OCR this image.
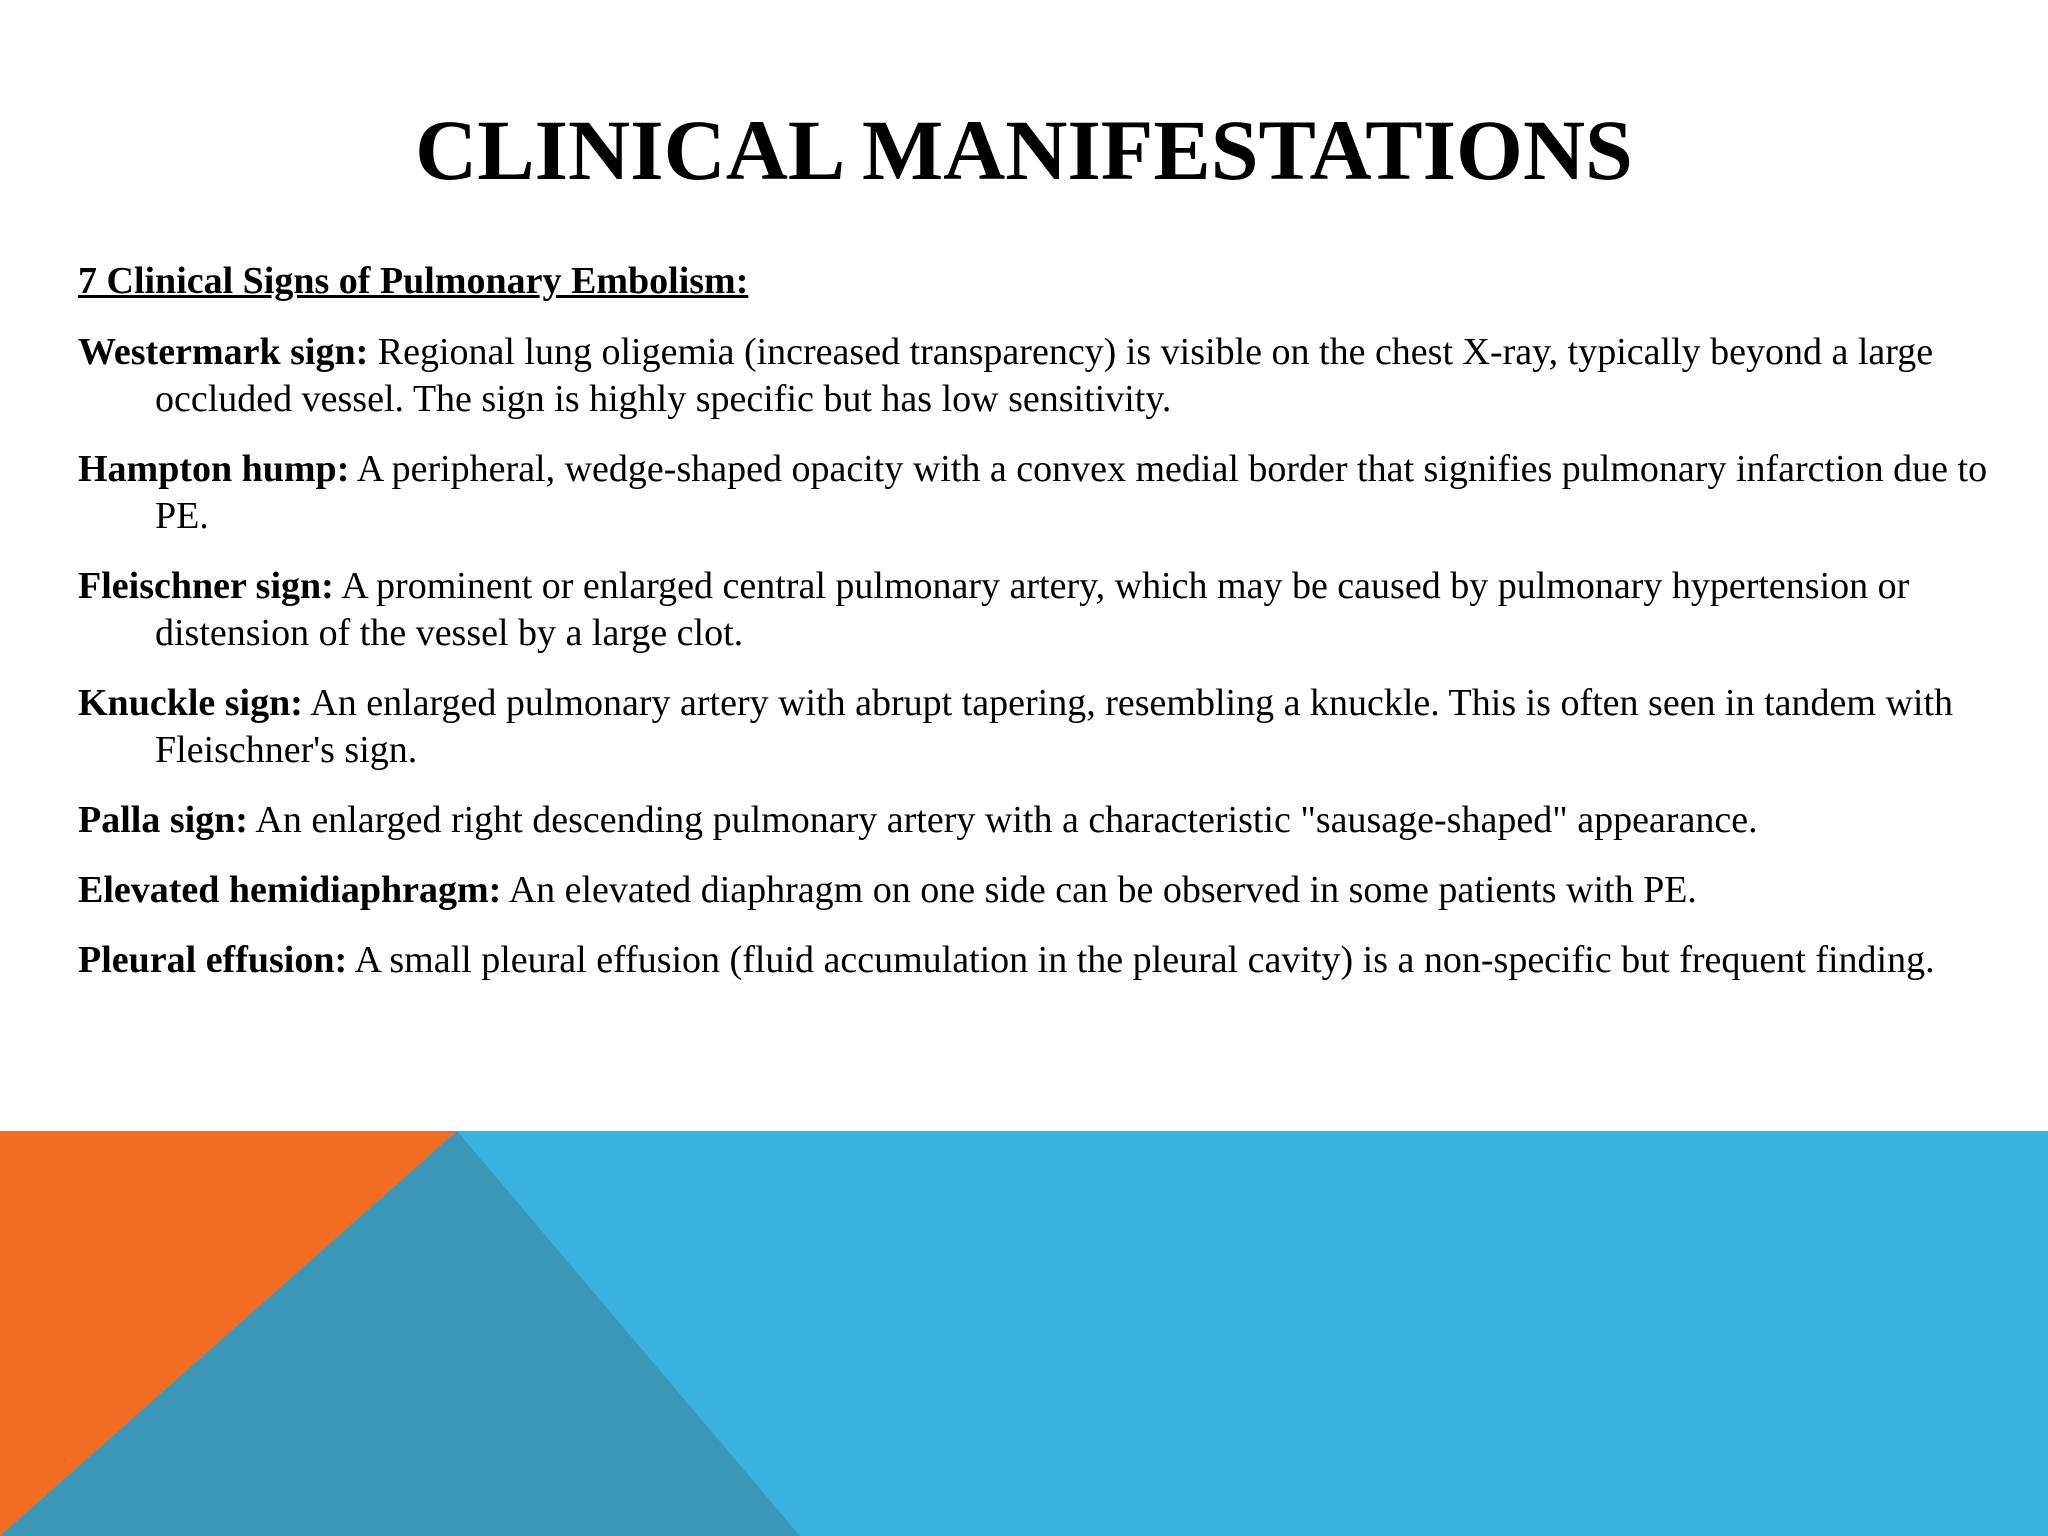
CLINICAL MANIFESTATIONS

7 Clinical Signs of Pulmonary Embolism:

Westermark sign: Regional lung oligemia (increased transparency) is visible on the chest X-ray, typically beyond a large occluded vessel. The sign is highly specific but has low sensitivity.

Hampton hump: A peripheral, wedge-shaped opacity with a convex medial border that signifies pulmonary infarction due to PE.

Fleischner sign: A prominent or enlarged central pulmonary artery, which may be caused by pulmonary hypertension or distension of the vessel by a large clot.

Knuckle sign: An enlarged pulmonary artery with abrupt tapering, resembling a knuckle. This is often seen in tandem with Fleischner's sign.

Palla sign: An enlarged right descending pulmonary artery with a characteristic "sausage-shaped" appearance.

Elevated hemidiaphragm: An elevated diaphragm on one side can be observed in some patients with PE.

Pleural effusion: A small pleural effusion (fluid accumulation in the pleural cavity) is a non-specific but frequent finding.
